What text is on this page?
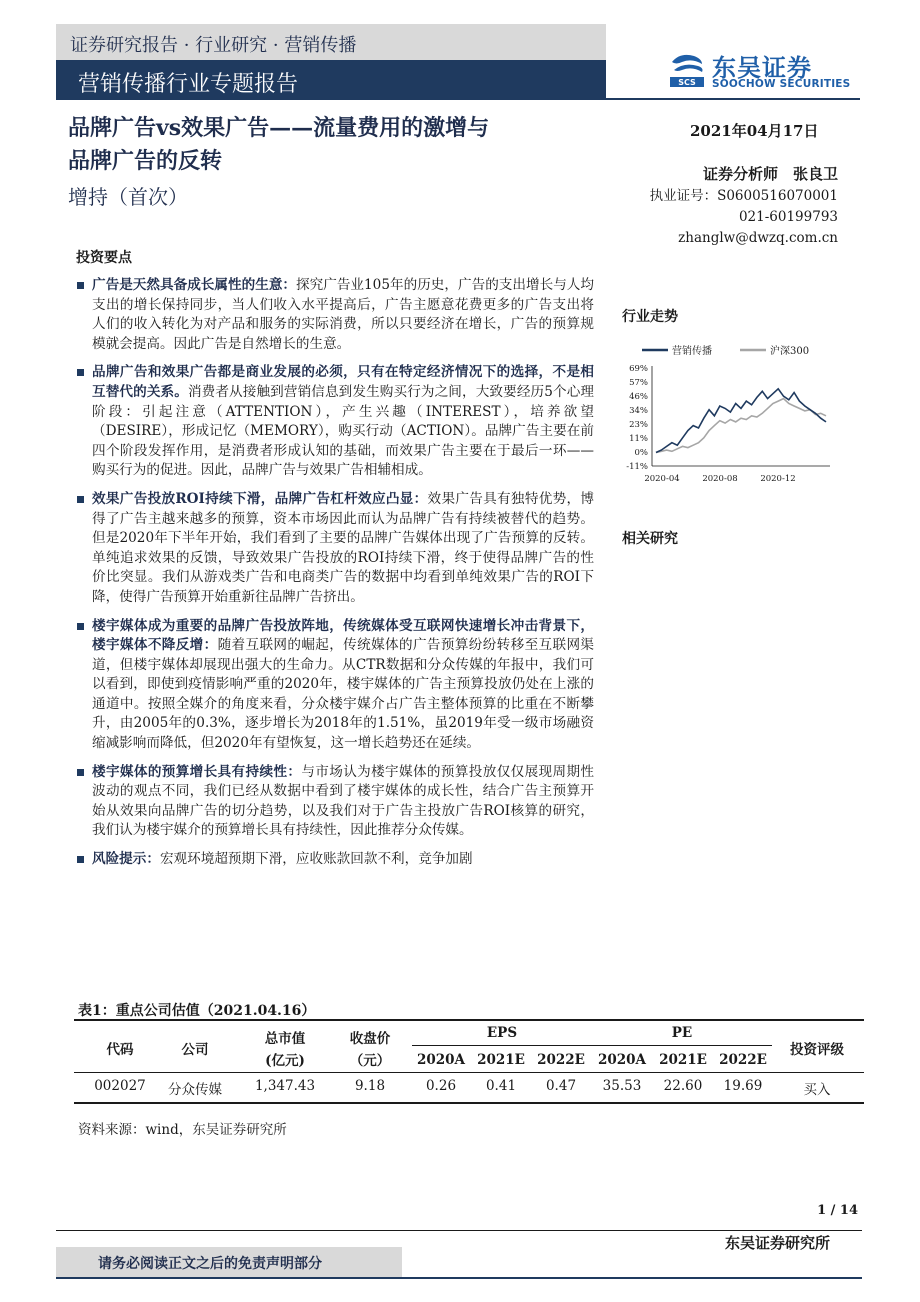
证券研究报告 · 行业研究 · 营销传播
营销传播行业专题报告	SCS
东吴证券
SOOCHOW SECURITIES
品牌广告vs效果广告——流量费用的激增与
品牌广告的反转
增持（首次）
2021年04月17日
证券分析师　张良卫
执业证号：S0600516070001
021-60199793
zhanglw@dwzq.com.cn
投资要点
行业走势
相关研究
广告是天然具备成长属性的生意：探究广告业105年的历史，广告的支出增长与人均支出的增长保持同步，当人们收入水平提高后，广告主愿意花费更多的广告支出将人们的收入转化为对产品和服务的实际消费，所以只要经济在增长，广告的预算规模就会提高。因此广告是自然增长的生意。
品牌广告和效果广告都是商业发展的必须，只有在特定经济情况下的选择，不是相互替代的关系。消费者从接触到营销信息到发生购买行为之间，大致要经历5个心理阶段：引起注意（ATTENTION），产生兴趣（INTEREST），培养欲望（DESIRE），形成记忆（MEMORY），购买行动（ACTION）。品牌广告主要在前四个阶段发挥作用，是消费者形成认知的基础，而效果广告主要在于最后一环——购买行为的促进。因此，品牌广告与效果广告相辅相成。
效果广告投放ROI持续下滑，品牌广告杠杆效应凸显：效果广告具有独特优势，博得了广告主越来越多的预算，资本市场因此而认为品牌广告有持续被替代的趋势。但是2020年下半年开始，我们看到了主要的品牌广告媒体出现了广告预算的反转。单纯追求效果的反馈，导致效果广告投放的ROI持续下滑，终于使得品牌广告的性价比突显。我们从游戏类广告和电商类广告的数据中均看到单纯效果广告的ROI下降，使得广告预算开始重新往品牌广告挤出。
楼宇媒体成为重要的品牌广告投放阵地，传统媒体受互联网快速增长冲击背景下，楼宇媒体不降反增：随着互联网的崛起，传统媒体的广告预算纷纷转移至互联网渠道，但楼宇媒体却展现出强大的生命力。从CTR数据和分众传媒的年报中，我们可以看到，即使到疫情影响严重的2020年，楼宇媒体的广告主预算投放仍处在上涨的通道中。按照全媒介的角度来看，分众楼宇媒介占广告主整体预算的比重在不断攀升，由2005年的0.3%，逐步增长为2018年的1.51%，虽2019年受一级市场融资缩减影响而降低，但2020年有望恢复，这一增长趋势还在延续。
楼宇媒体的预算增长具有持续性：与市场认为楼宇媒体的预算投放仅仅展现周期性波动的观点不同，我们已经从数据中看到了楼宇媒体的成长性，结合广告主预算开始从效果向品牌广告的切分趋势，以及我们对于广告主投放广告ROI核算的研究，我们认为楼宇媒介的预算增长具有持续性，因此推荐分众传媒。
风险提示：宏观环境超预期下滑，应收账款回款不利，竞争加剧
营销传播	沪深300
69%
57%
46%
34%
23%
11%
0%
-11%
2020-04	2020-08	2020-12
表1：重点公司估值（2021.04.16）
代码	公司
总市值
(亿元)
收盘价
（元）
EPS	PE
投资评级
2020A 2021E 2022E 2020A 2021E 2022E
002027	分众传媒	1,347.43	9.18	0.26	0.41	0.47	35.53	22.60	19.69	买入
资料来源：wind，东吴证券研究所
1 / 14
东吴证券研究所
请务必阅读正文之后的免责声明部分
